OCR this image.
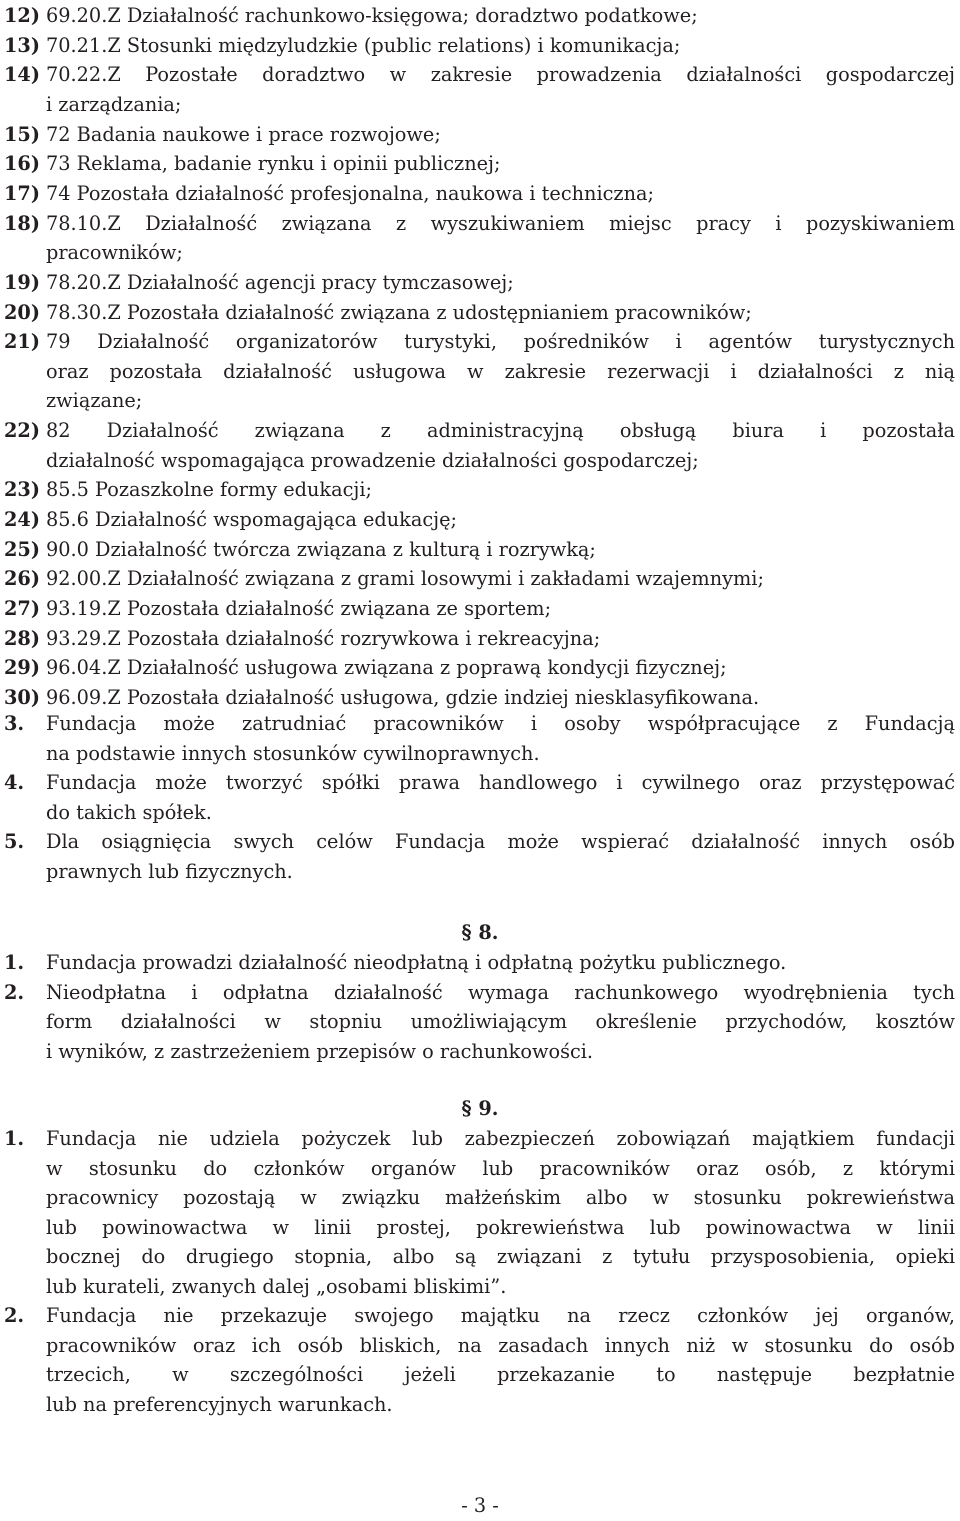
12) 69.20.Z Działalność rachunkowo-księgowa; doradztwo podatkowe;
13) 70.21.Z Stosunki międzyludzkie (public relations) i komunikacja;
14) 70.22.Z Pozostałe doradztwo w zakresie prowadzenia działalności gospodarczej
i zarządzania;
15) 72 Badania naukowe i prace rozwojowe;
16) 73 Reklama, badanie rynku i opinii publicznej;
17) 74 Pozostała działalność profesjonalna, naukowa i techniczna;
18) 78.10.Z Działalność związana z wyszukiwaniem miejsc pracy i pozyskiwaniem
pracowników;
19) 78.20.Z Działalność agencji pracy tymczasowej;
20) 78.30.Z Pozostała działalność związana z udostępnianiem pracowników;
21) 79 Działalność organizatorów turystyki, pośredników i agentów turystycznych
oraz pozostała działalność usługowa w zakresie rezerwacji i działalności z nią
związane;
22) 82 Działalność związana z administracyjną obsługą biura i pozostała
działalność wspomagająca prowadzenie działalności gospodarczej;
23) 85.5 Pozaszkolne formy edukacji;
24) 85.6 Działalność wspomagająca edukację;
25) 90.0 Działalność twórcza związana z kulturą i rozrywką;
26) 92.00.Z Działalność związana z grami losowymi i zakładami wzajemnymi;
27) 93.19.Z Pozostała działalność związana ze sportem;
28) 93.29.Z Pozostała działalność rozrywkowa i rekreacyjna;
29) 96.04.Z Działalność usługowa związana z poprawą kondycji fizycznej;
30) 96.09.Z Pozostała działalność usługowa, gdzie indziej niesklasyfikowana.
3. Fundacja może zatrudniać pracowników i osoby współpracujące z Fundacją
na podstawie innych stosunków cywilnoprawnych.
4. Fundacja może tworzyć spółki prawa handlowego i cywilnego oraz przystępować
do takich spółek.
5. Dla osiągnięcia swych celów Fundacja może wspierać działalność innych osób
prawnych lub fizycznych.
§ 8.
1. Fundacja prowadzi działalność nieodpłatną i odpłatną pożytku publicznego.
2. Nieodpłatna i odpłatna działalność wymaga rachunkowego wyodrębnienia tych
form działalności w stopniu umożliwiającym określenie przychodów, kosztów
i wyników, z zastrzeżeniem przepisów o rachunkowości.
§ 9.
1. Fundacja nie udziela pożyczek lub zabezpieczeń zobowiązań majątkiem fundacji
w stosunku do członków organów lub pracowników oraz osób, z którymi
pracownicy pozostają w związku małżeńskim albo w stosunku pokrewieństwa
lub powinowactwa w linii prostej, pokrewieństwa lub powinowactwa w linii
bocznej do drugiego stopnia, albo są związani z tytułu przysposobienia, opieki
lub kurateli, zwanych dalej „osobami bliskimi”.
2. Fundacja nie przekazuje swojego majątku na rzecz członków jej organów,
pracowników oraz ich osób bliskich, na zasadach innych niż w stosunku do osób
trzecich, w szczególności jeżeli przekazanie to następuje bezpłatnie
lub na preferencyjnych warunkach.
- 3 -
